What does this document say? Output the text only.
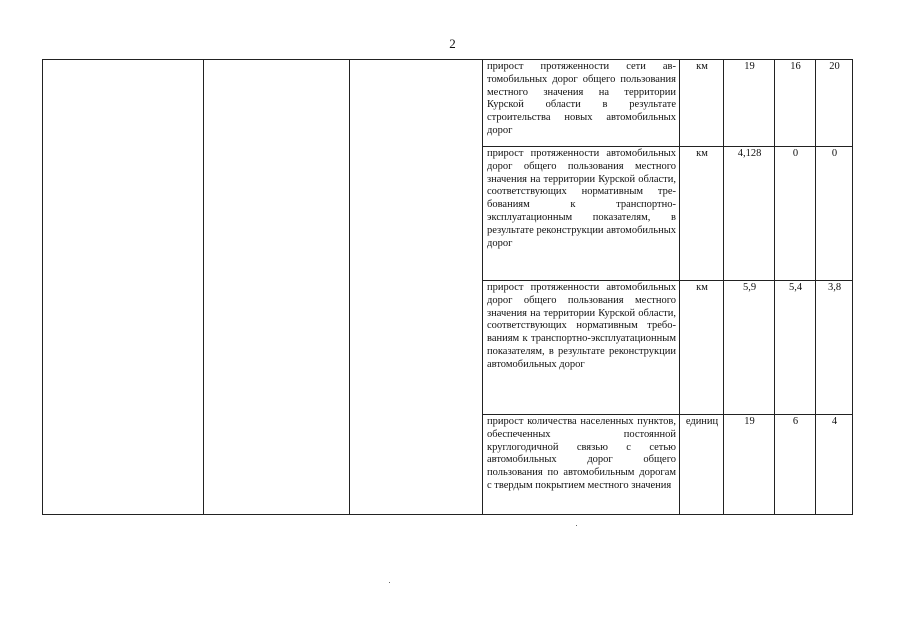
2
			прирост протяженности сети автомобильных дорог общего пользования местного значения на территории Курской области в результате строительства новых автомобильных дорог	км	19	16	20
			прирост протяженности автомобильных дорог общего пользования местного значения на территории Курской области, соответствующих нормативным требованиям к транспортно-эксплуатационным показателям, в результате реконструкции автомобильных дорог	км	4,128	0	0
			прирост протяженности автомобильных дорог общего пользования местного значения на территории Курской области, соответствующих нормативным требованиям к транспортно-эксплуатационным показателям, в результате реконструкции автомобильных дорог	км	5,9	5,4	3,8
			прирост количества населенных пунктов, обеспеченных постоянной круглогодичной связью с сетью автомобильных дорог общего пользования по автомобильным дорогам с твердым покрытием местного значения	единиц	19	6	4
